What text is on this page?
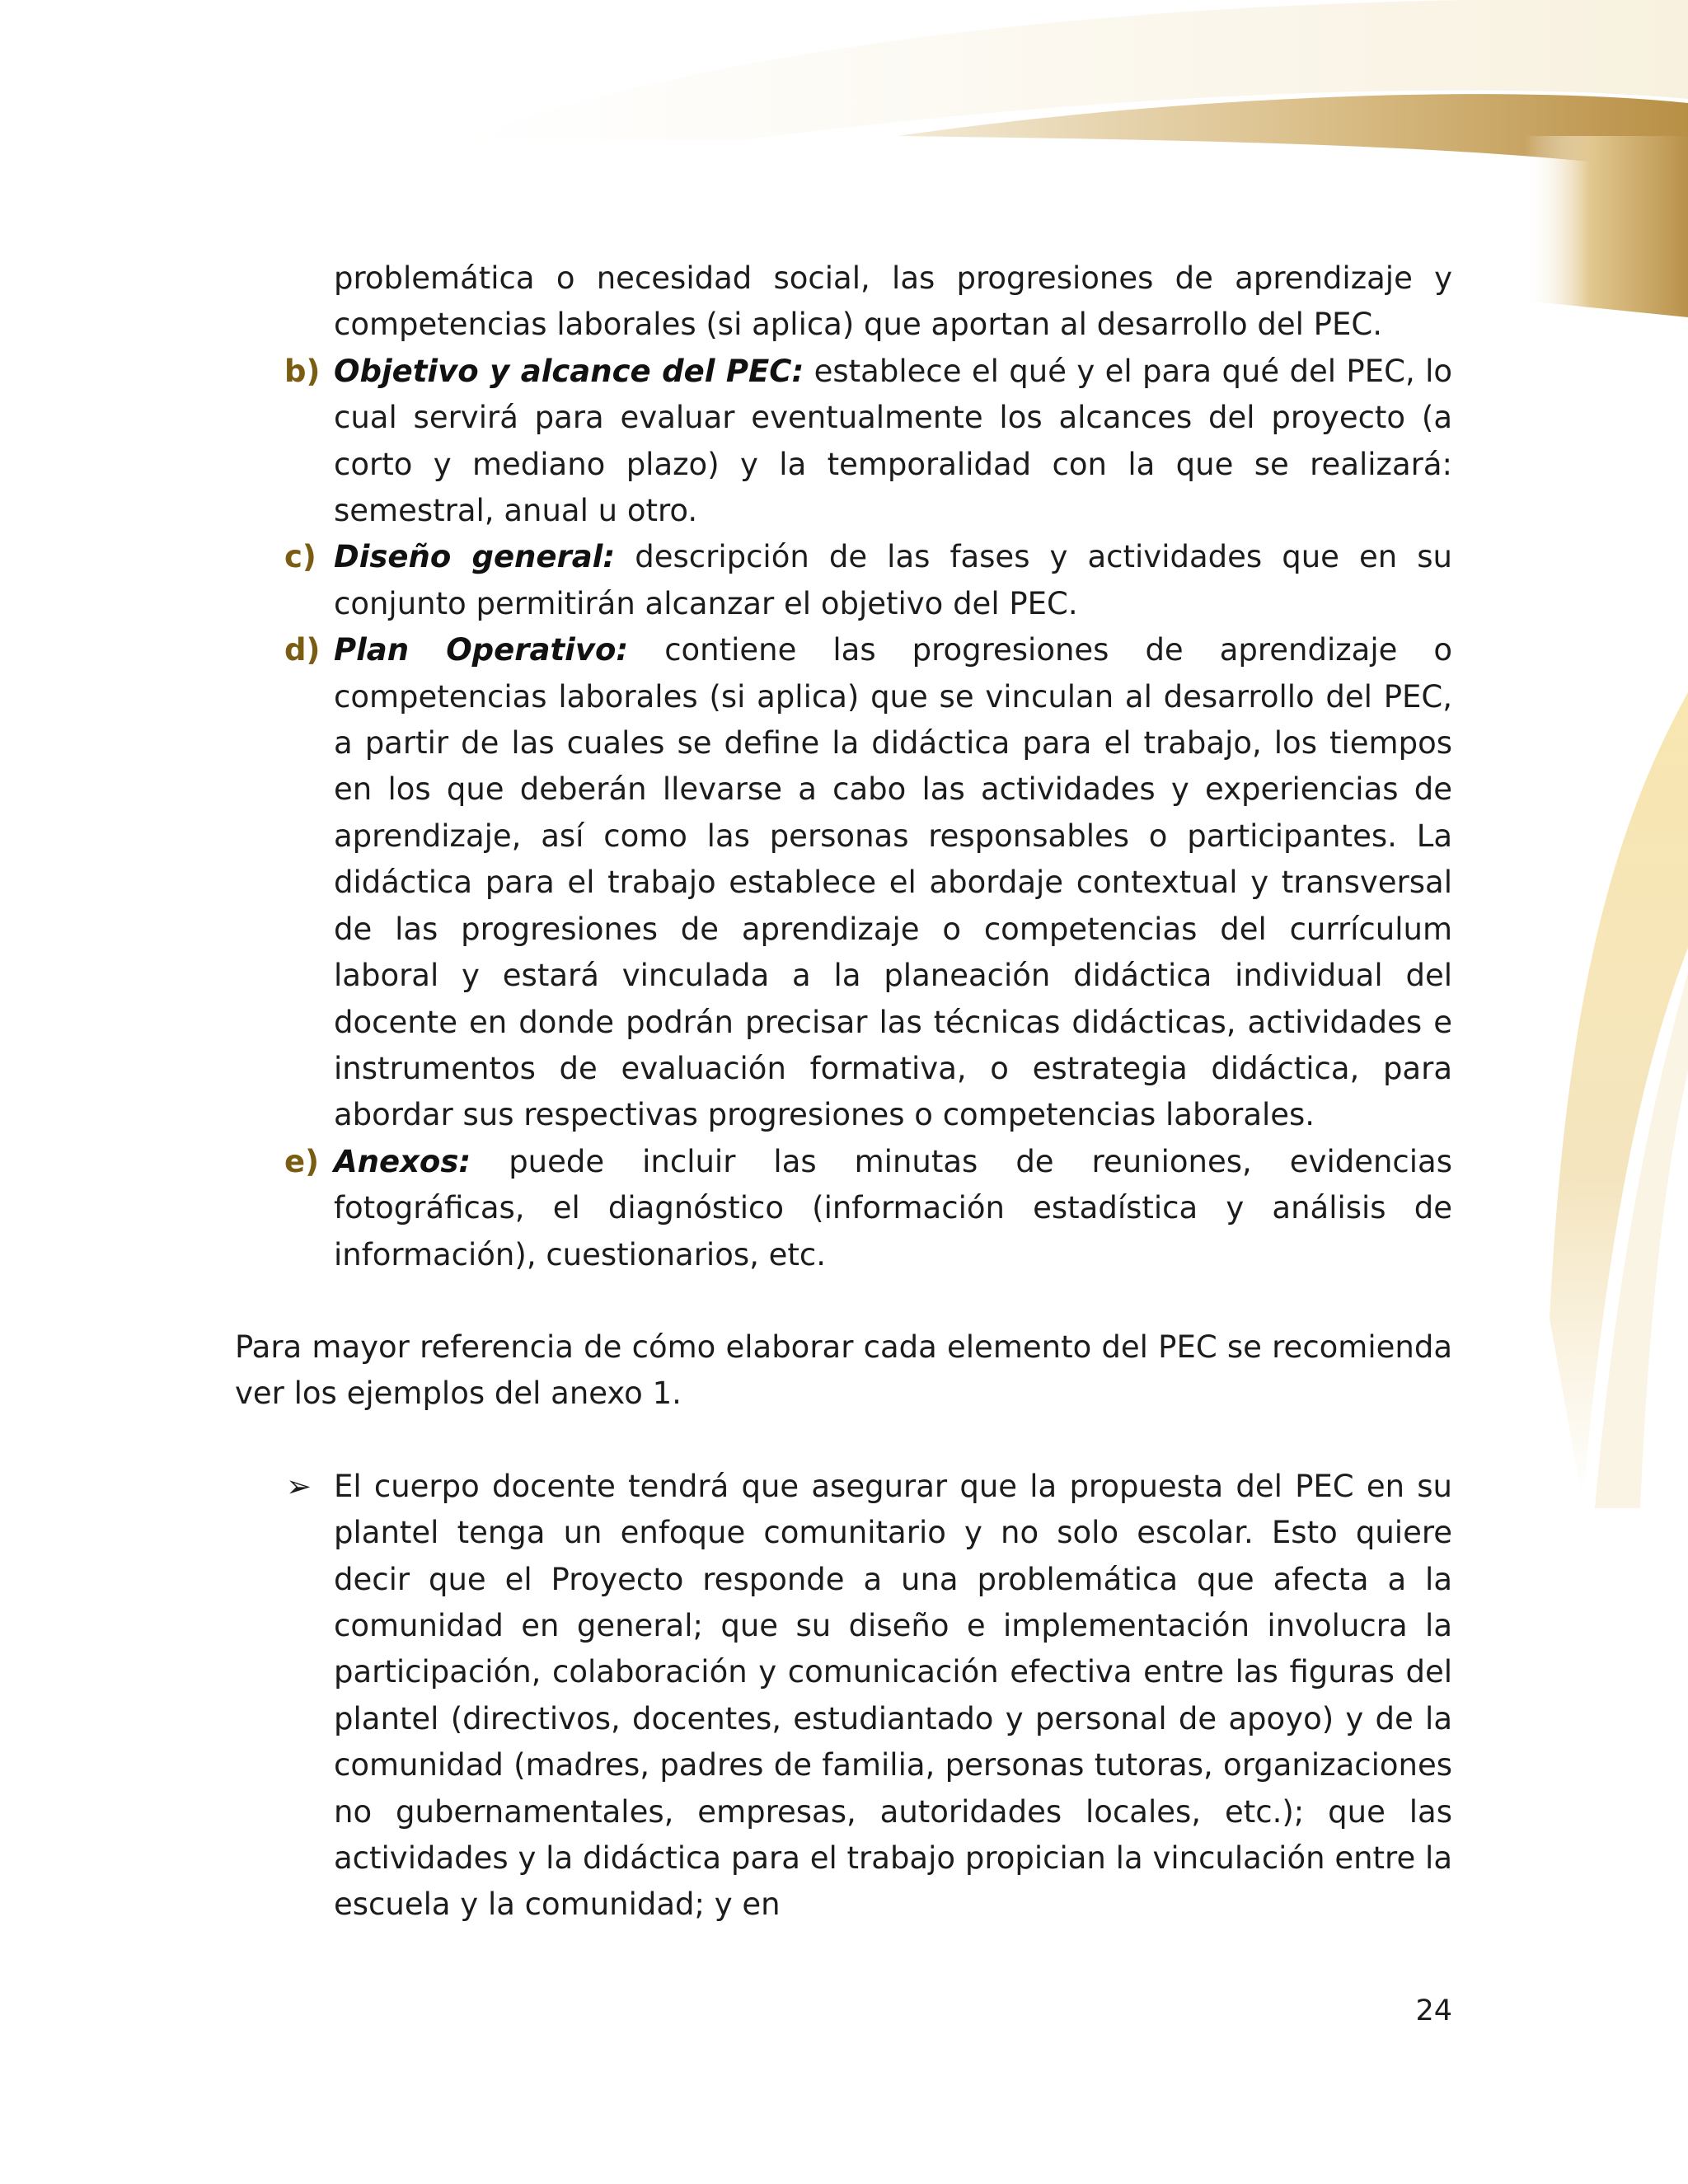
problemática o necesidad social, las progresiones de aprendizaje y competencias laborales (si aplica) que aportan al desarrollo del PEC.
b) Objetivo y alcance del PEC: establece el qué y el para qué del PEC, lo cual servirá para evaluar eventualmente los alcances del proyecto (a corto y mediano plazo) y la temporalidad con la que se realizará: semestral, anual u otro.
c) Diseño general: descripción de las fases y actividades que en su conjunto permitirán alcanzar el objetivo del PEC.
d) Plan Operativo: contiene las progresiones de aprendizaje o competencias laborales (si aplica) que se vinculan al desarrollo del PEC, a partir de las cuales se define la didáctica para el trabajo, los tiempos en los que deberán llevarse a cabo las actividades y experiencias de aprendizaje, así como las personas responsables o participantes. La didáctica para el trabajo establece el abordaje contextual y transversal de las progresiones de aprendizaje o competencias del currículum laboral y estará vinculada a la planeación didáctica individual del docente en donde podrán precisar las técnicas didácticas, actividades e instrumentos de evaluación formativa, o estrategia didáctica, para abordar sus respectivas progresiones o competencias laborales.
e) Anexos: puede incluir las minutas de reuniones, evidencias fotográficas, el diagnóstico (información estadística y análisis de información), cuestionarios, etc.

Para mayor referencia de cómo elaborar cada elemento del PEC se recomienda ver los ejemplos del anexo 1.

➢ El cuerpo docente tendrá que asegurar que la propuesta del PEC en su plantel tenga un enfoque comunitario y no solo escolar. Esto quiere decir que el Proyecto responde a una problemática que afecta a la comunidad en general; que su diseño e implementación involucra la participación, colaboración y comunicación efectiva entre las figuras del plantel (directivos, docentes, estudiantado y personal de apoyo) y de la comunidad (madres, padres de familia, personas tutoras, organizaciones no gubernamentales, empresas, autoridades locales, etc.); que las actividades y la didáctica para el trabajo propician la vinculación entre la escuela y la comunidad; y en
24
